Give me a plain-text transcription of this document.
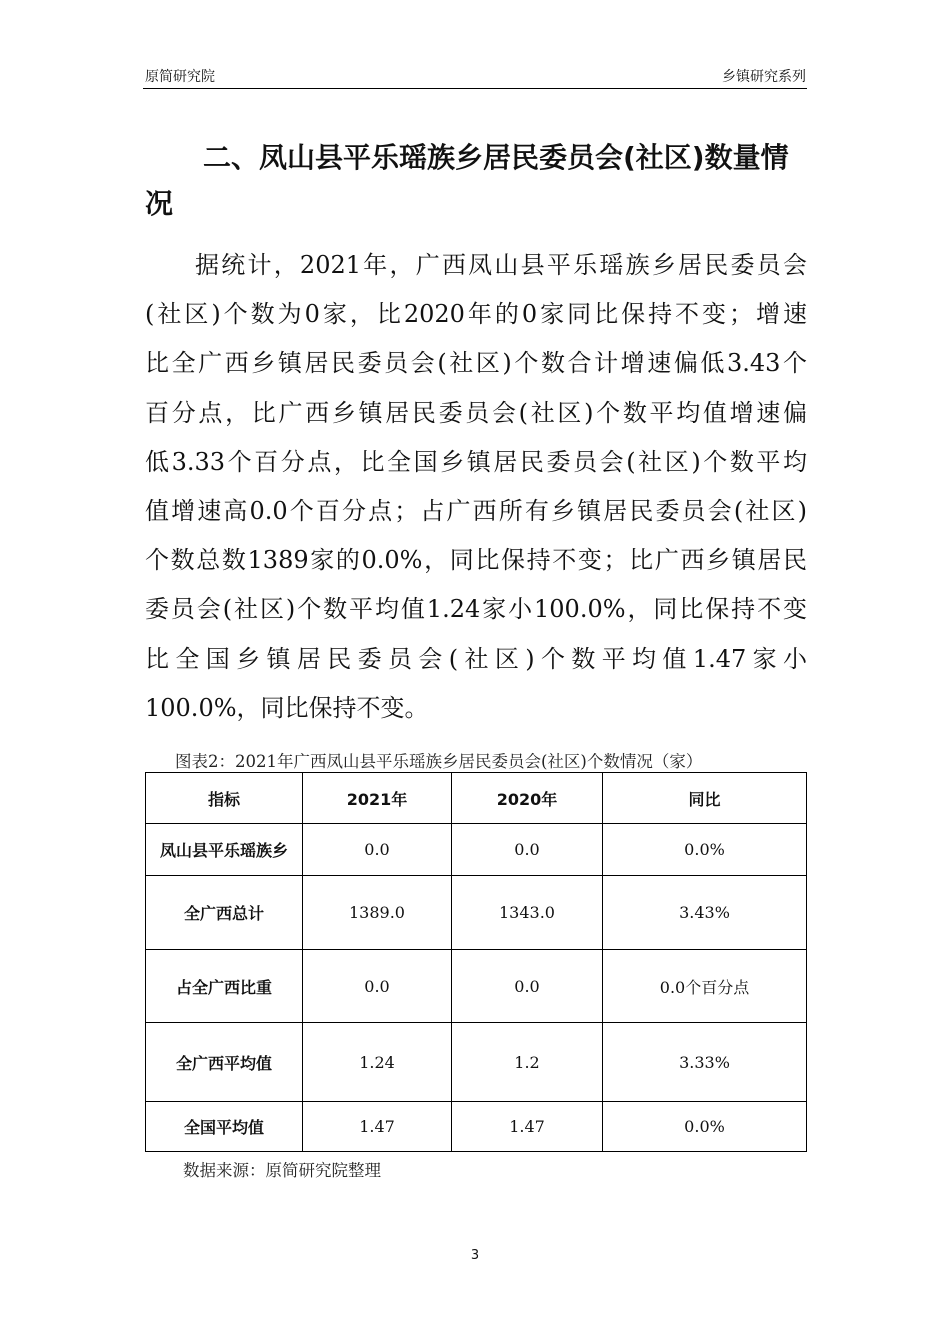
原简研究院	乡镇研究系列
二、凤山县平乐瑶族乡居民委员会(社区)数量情
况
据统计，2021年，广西凤山县平乐瑶族乡居民委员会
(社区)个数为0家，比2020年的0家同比保持不变；增速
比全广西乡镇居民委员会(社区)个数合计增速偏低3.43个
百分点，比广西乡镇居民委员会(社区)个数平均值增速偏
低3.33个百分点，比全国乡镇居民委员会(社区)个数平均
值增速高0.0个百分点；占广西所有乡镇居民委员会(社区)
个数总数1389家的0.0%，同比保持不变；比广西乡镇居民
委员会(社区)个数平均值1.24家小100.0%，同比保持不变
比全国乡镇居民委员会(社区)个数平均值1.47家小
100.0%，同比保持不变。
图表2：2021年广西凤山县平乐瑶族乡居民委员会(社区)个数情况（家）
指标	2021年	2020年	同比
凤山县平乐瑶族乡	0.0	0.0	0.0%
全广西总计	1389.0	1343.0	3.43%
占全广西比重	0.0	0.0	0.0个百分点
全广西平均值	1.24	1.2	3.33%
全国平均值	1.47	1.47	0.0%
数据来源：原简研究院整理
3
